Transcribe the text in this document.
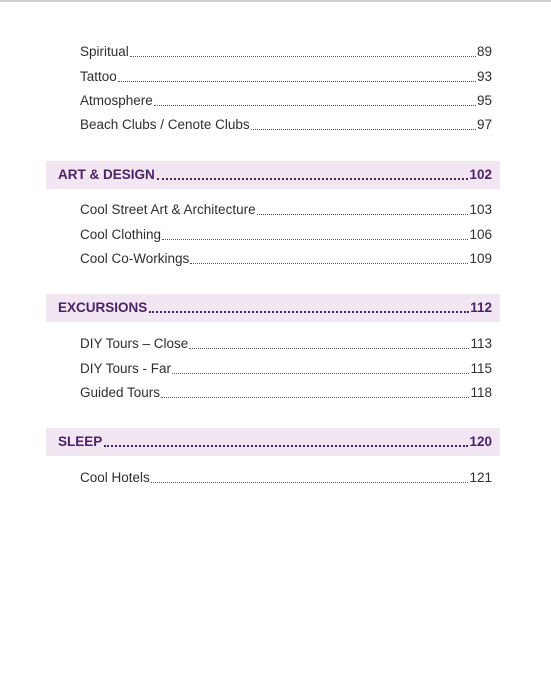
Spiritual	89
Tattoo	93
Atmosphere	95
Beach Clubs / Cenote Clubs	97
ART & DESIGN	102
Cool Street Art & Architecture	103
Cool Clothing	106
Cool Co-Workings	109
EXCURSIONS	112
DIY Tours – Close	113
DIY Tours - Far	115
Guided Tours	118
SLEEP	120
Cool Hotels	121
